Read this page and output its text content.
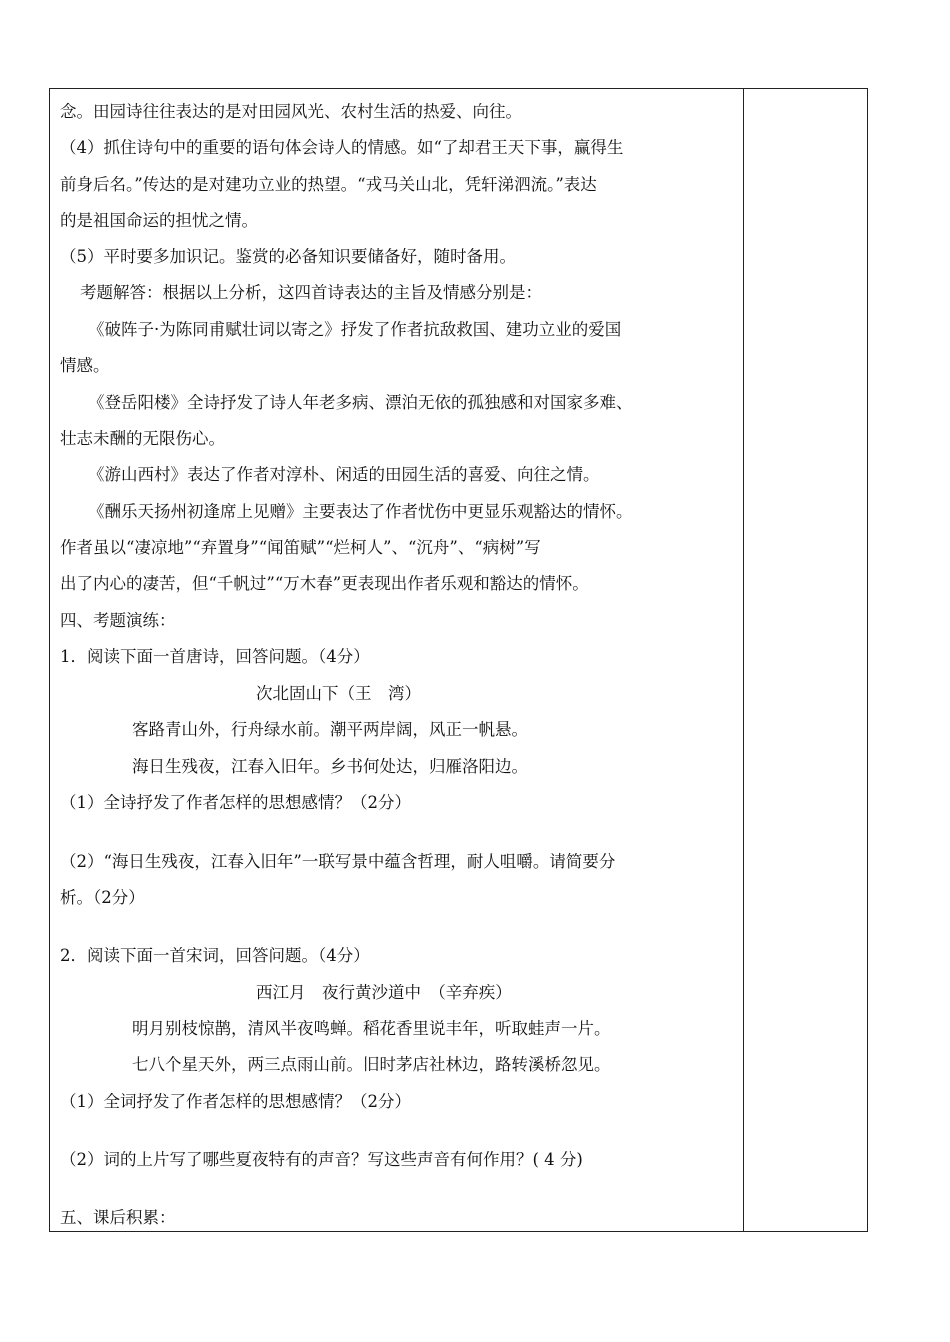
念。田园诗往往表达的是对田园风光、农村生活的热爱、向往。
（4）抓住诗句中的重要的语句体会诗人的情感。如“了却君王天下事，赢得生
前身后名。”传达的是对建功立业的热望。“戎马关山北，凭轩涕泗流。”表达
的是祖国命运的担忧之情。
（5）平时要多加识记。鉴赏的必备知识要储备好，随时备用。
考题解答：根据以上分析，这四首诗表达的主旨及情感分别是：
《破阵子·为陈同甫赋壮词以寄之》抒发了作者抗敌救国、建功立业的爱国
情感。
《登岳阳楼》全诗抒发了诗人年老多病、漂泊无依的孤独感和对国家多难、
壮志未酬的无限伤心。
《游山西村》表达了作者对淳朴、闲适的田园生活的喜爱、向往之情。
《酬乐天扬州初逢席上见赠》主要表达了作者忧伤中更显乐观豁达的情怀。
作者虽以“凄凉地”“弃置身”“闻笛赋”“烂柯人”、“沉舟”、“病树”写
出了内心的凄苦，但“千帆过”“万木春”更表现出作者乐观和豁达的情怀。
四、考题演练：
1．阅读下面一首唐诗，回答问题。（4分）
次北固山下（王　湾）
客路青山外，行舟绿水前。潮平两岸阔，风正一帆悬。
海日生残夜，江春入旧年。乡书何处达，归雁洛阳边。
（1）全诗抒发了作者怎样的思想感情？（2分）
（2）“海日生残夜，江春入旧年”一联写景中蕴含哲理，耐人咀嚼。请简要分
析。（2分）
2．阅读下面一首宋词，回答问题。（4分）
西江月　夜行黄沙道中　（辛弃疾）
明月别枝惊鹊，清风半夜鸣蝉。稻花香里说丰年，听取蛙声一片。
七八个星天外，两三点雨山前。旧时茅店社林边，路转溪桥忽见。
（1）全词抒发了作者怎样的思想感情？（2分）
（2）词的上片写了哪些夏夜特有的声音？写这些声音有何作用？( 4 分)
五、课后积累：
